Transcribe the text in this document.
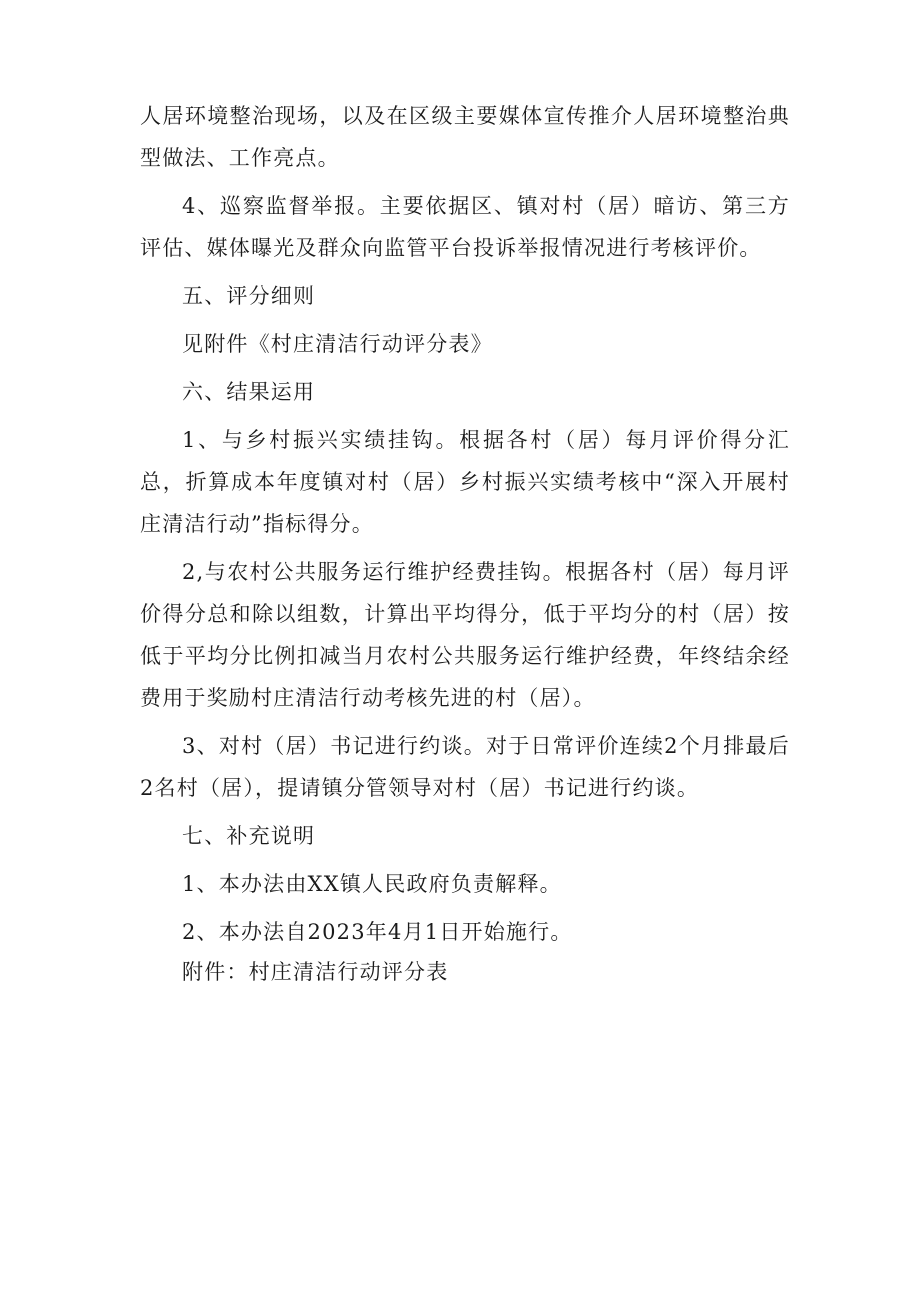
人居环境整治现场，以及在区级主要媒体宣传推介人居环境整治典型做法、工作亮点。

4、巡察监督举报。主要依据区、镇对村（居）暗访、第三方评估、媒体曝光及群众向监管平台投诉举报情况进行考核评价。

五、评分细则

见附件《村庄清洁行动评分表》

六、结果运用

1、与乡村振兴实绩挂钩。根据各村（居）每月评价得分汇总，折算成本年度镇对村（居）乡村振兴实绩考核中“深入开展村庄清洁行动”指标得分。

2,与农村公共服务运行维护经费挂钩。根据各村（居）每月评价得分总和除以组数，计算出平均得分，低于平均分的村（居）按低于平均分比例扣减当月农村公共服务运行维护经费，年终结余经费用于奖励村庄清洁行动考核先进的村（居）。

3、对村（居）书记进行约谈。对于日常评价连续2个月排最后2名村（居），提请镇分管领导对村（居）书记进行约谈。

七、补充说明

1、本办法由XX镇人民政府负责解释。

2、本办法自2023年4月1日开始施行。

附件：村庄清洁行动评分表
